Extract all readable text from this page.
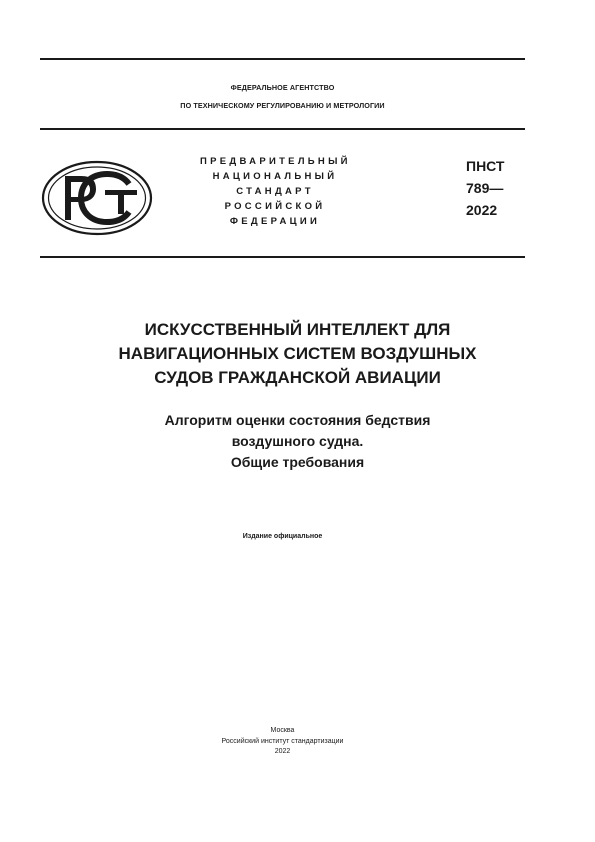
ФЕДЕРАЛЬНОЕ АГЕНТСТВО
ПО ТЕХНИЧЕСКОМУ РЕГУЛИРОВАНИЮ И МЕТРОЛОГИИ
ПРЕДВАРИТЕЛЬНЫЙ
НАЦИОНАЛЬНЫЙ
СТАНДАРТ
РОССИЙСКОЙ
ФЕДЕРАЦИИ
ПНСТ
789—
2022
ИСКУССТВЕННЫЙ ИНТЕЛЛЕКТ ДЛЯ
НАВИГАЦИОННЫХ СИСТЕМ ВОЗДУШНЫХ
СУДОВ ГРАЖДАНСКОЙ АВИАЦИИ
Алгоритм оценки состояния бедствия
воздушного судна.
Общие требования
Издание официальное
Москва
Российский институт стандартизации
2022
